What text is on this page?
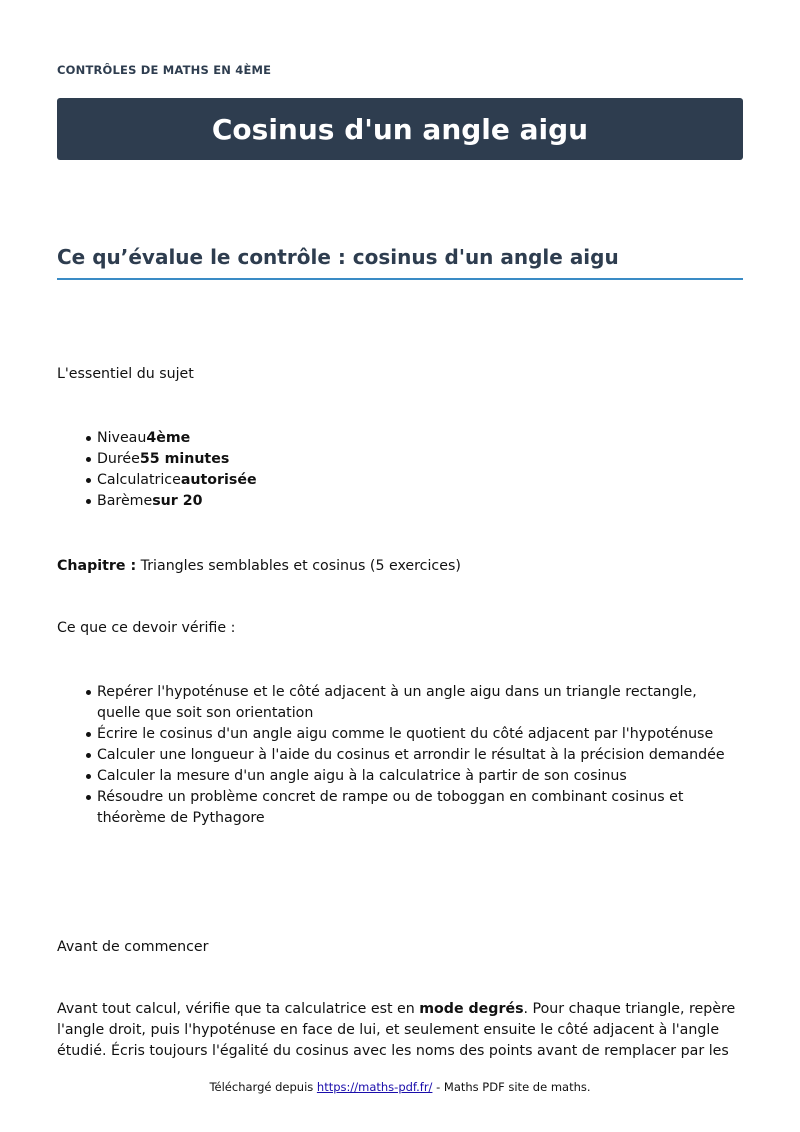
CONTRÔLES DE MATHS EN 4ÈME
Cosinus d'un angle aigu
Ce qu’évalue le contrôle : cosinus d'un angle aigu
L'essentiel du sujet
Niveau4ème
Durée55 minutes
Calculatriceautorisée
Barèmesur 20
Chapitre : Triangles semblables et cosinus (5 exercices)
Ce que ce devoir vérifie :
Repérer l'hypoténuse et le côté adjacent à un angle aigu dans un triangle rectangle, quelle que soit son orientation
Écrire le cosinus d'un angle aigu comme le quotient du côté adjacent par l'hypoténuse
Calculer une longueur à l'aide du cosinus et arrondir le résultat à la précision demandée
Calculer la mesure d'un angle aigu à la calculatrice à partir de son cosinus
Résoudre un problème concret de rampe ou de toboggan en combinant cosinus et théorème de Pythagore
Avant de commencer
Avant tout calcul, vérifie que ta calculatrice est en mode degrés. Pour chaque triangle, repère l'angle droit, puis l'hypoténuse en face de lui, et seulement ensuite le côté adjacent à l'angle étudié. Écris toujours l'égalité du cosinus avec les noms des points avant de remplacer par les
Téléchargé depuis https://maths-pdf.fr/ - Maths PDF site de maths.
